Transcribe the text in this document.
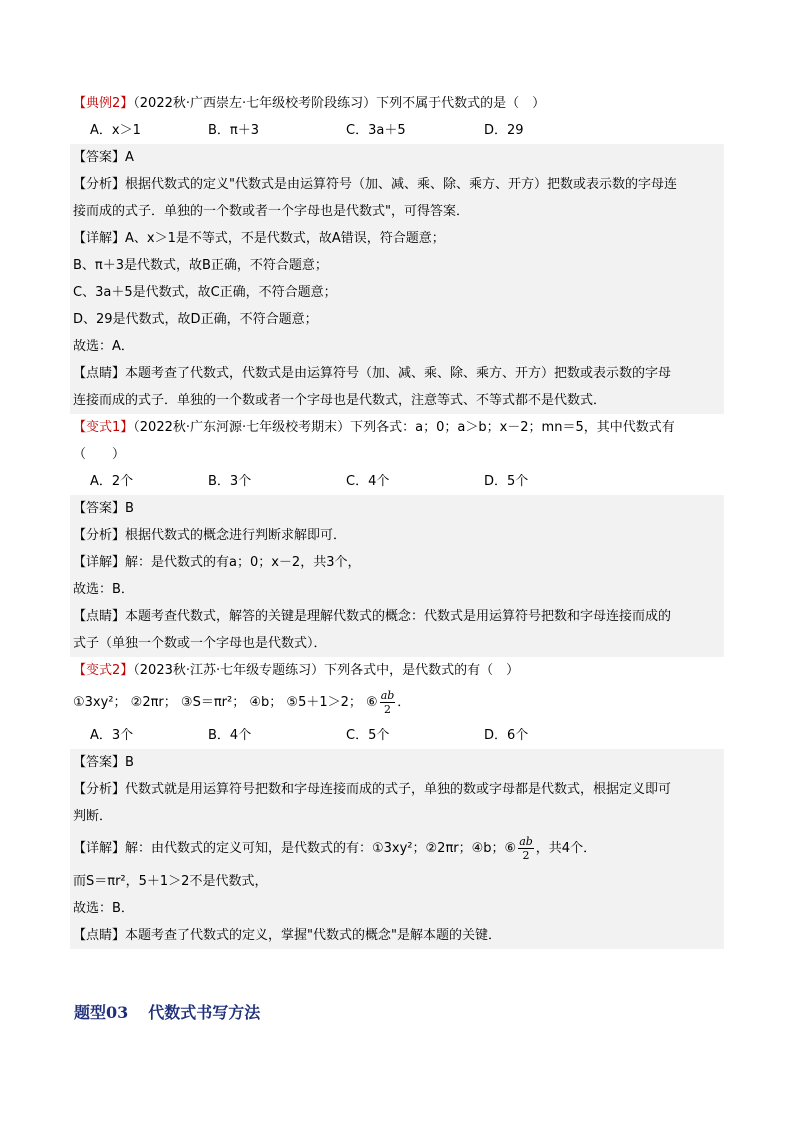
【典例2】（2022秋·广西崇左·七年级校考阶段练习）下列不属于代数式的是（　）
A．x＞1	B．π＋3	C．3a＋5	D．29
【答案】A
【分析】根据代数式的定义"代数式是由运算符号（加、减、乘、除、乘方、开方）把数或表示数的字母连
接而成的式子．单独的一个数或者一个字母也是代数式"，可得答案．
【详解】A、x＞1是不等式，不是代数式，故A错误，符合题意；
B、π＋3是代数式，故B正确，不符合题意；
C、3a＋5是代数式，故C正确，不符合题意；
D、29是代数式，故D正确，不符合题意；
故选：A．
【点睛】本题考查了代数式，代数式是由运算符号（加、减、乘、除、乘方、开方）把数或表示数的字母
连接而成的式子．单独的一个数或者一个字母也是代数式，注意等式、不等式都不是代数式．
【变式1】（2022秋·广东河源·七年级校考期末）下列各式：a；0；a＞b；x－2；mn＝5，其中代数式有
（　　）
A．2个	B．3个	C．4个	D．5个
【答案】B
【分析】根据代数式的概念进行判断求解即可．
【详解】解：是代数式的有a；0；x－2，共3个，
故选：B．
【点睛】本题考查代数式，解答的关键是理解代数式的概念：代数式是用运算符号把数和字母连接而成的
式子（单独一个数或一个字母也是代数式）．
【变式2】（2023秋·江苏·七年级专题练习）下列各式中，是代数式的有（　）
①3xy²； ②2πr； ③S＝πr²； ④b； ⑤5＋1＞2； ⑥ $\frac{ab}{2}$ ．
A．3个	B．4个	C．5个	D．6个
【答案】B
【分析】代数式就是用运算符号把数和字母连接而成的式子，单独的数或字母都是代数式，根据定义即可
判断．
【详解】解：由代数式的定义可知，是代数式的有：①3xy²；②2πr；④b；⑥ $\frac{ab}{2}$ ，共4个．
而S＝πr²，5＋1＞2不是代数式，
故选：B．
【点睛】本题考查了代数式的定义，掌握"代数式的概念"是解本题的关键．
题型03 代数式书写方法
